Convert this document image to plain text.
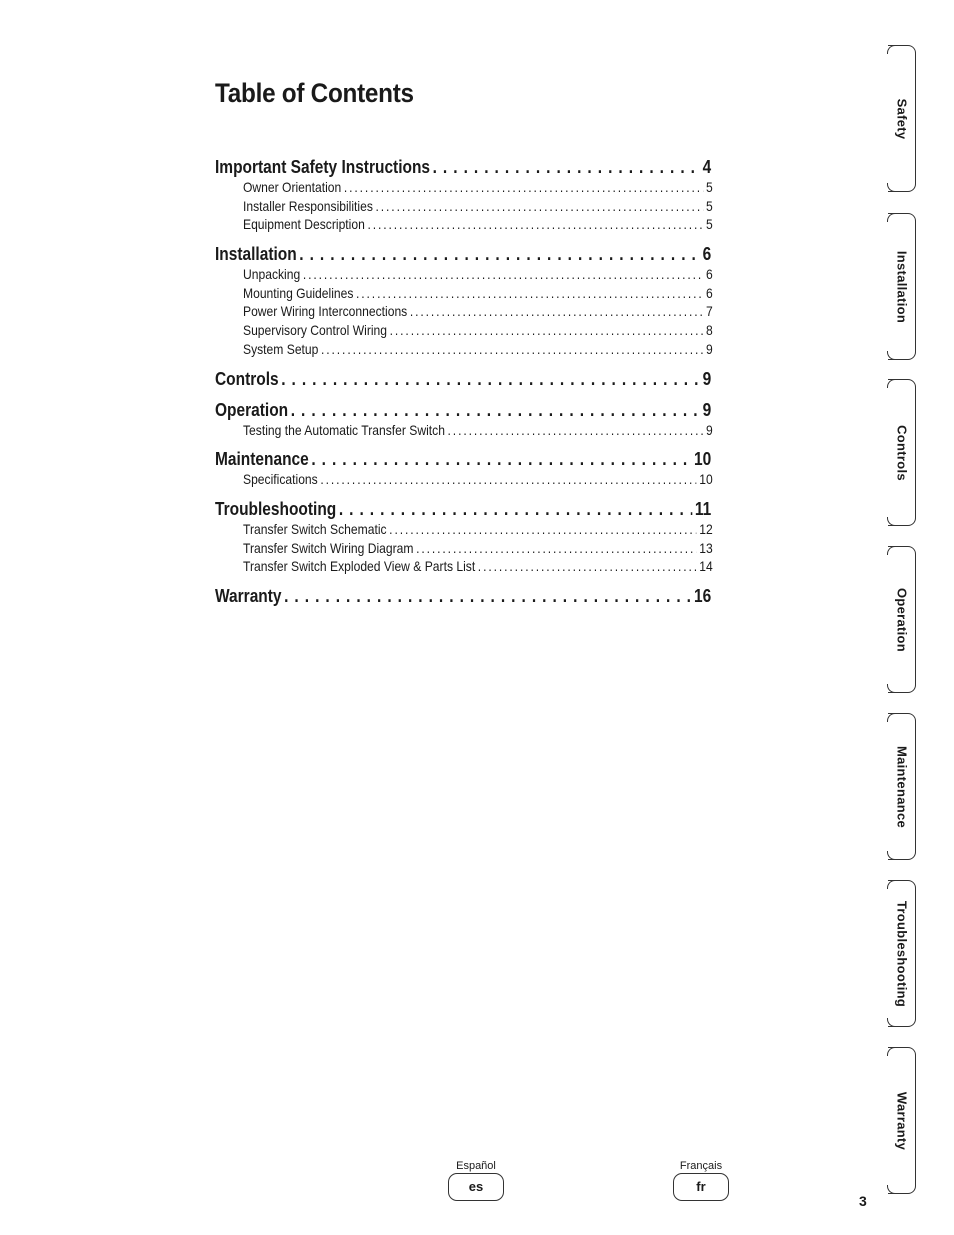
Table of Contents
Important Safety Instructions . . .	4
Owner Orientation .....	5
Installer Responsibilities .....	5
Equipment Description .....	5
Installation . . .	6
Unpacking .....	6
Mounting Guidelines .....	6
Power Wiring Interconnections .....	7
Supervisory Control Wiring .....	8
System Setup .....	9
Controls . . .	9
Operation . . .	9
Testing the Automatic Transfer Switch .....	9
Maintenance . . .	10
Specifications .....	10
Troubleshooting . . .	11
Transfer Switch Schematic .....	12
Transfer Switch Wiring Diagram .....	13
Transfer Switch Exploded View & Parts List .....	14
Warranty . . .	16
Safety
Installation
Controls
Operation
Maintenance
Troubleshooting
Warranty
Español
es
Français
fr
3
